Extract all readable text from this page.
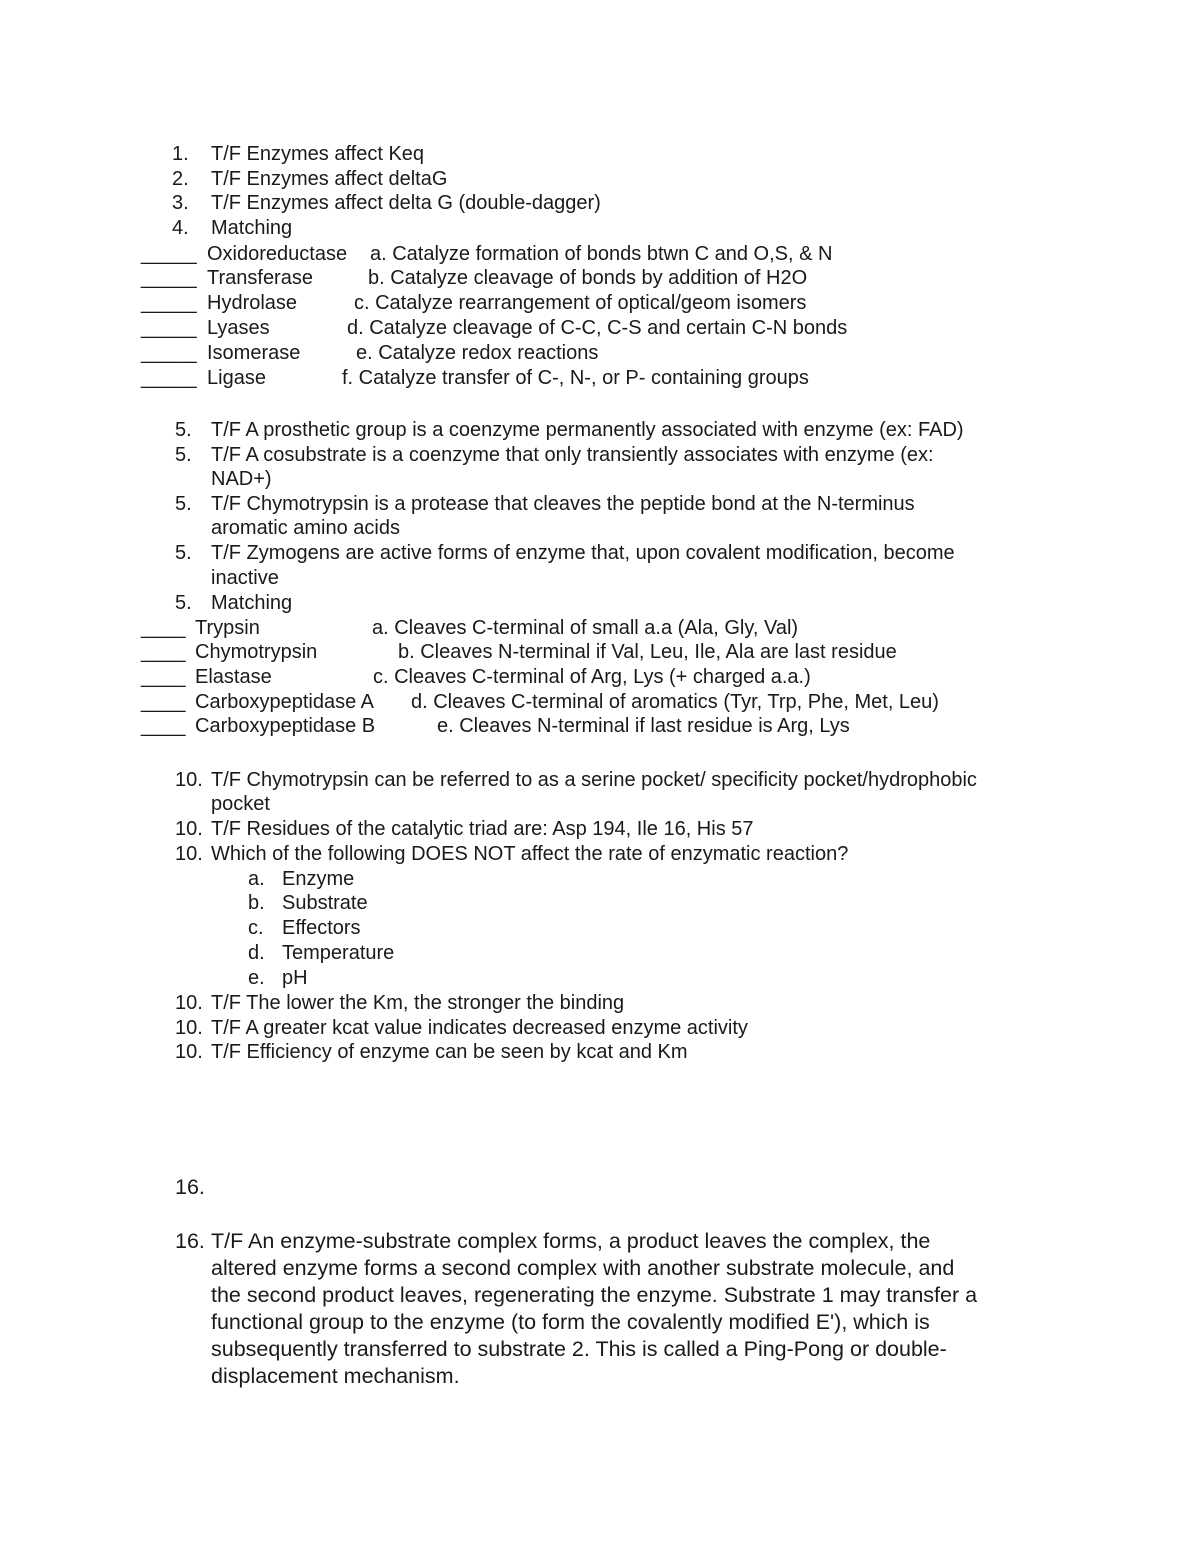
1. T/F Enzymes affect Keq
2. T/F Enzymes affect deltaG
3. T/F Enzymes affect delta G (double-dagger)
4. Matching
_____ Oxidoreductase a. Catalyze formation of bonds btwn C and O,S, & N
_____ Transferase	b. Catalyze cleavage of bonds by addition of H2O
_____ Hydrolase	c. Catalyze rearrangement of optical/geom isomers
_____ Lyases	d. Catalyze cleavage of C-C, C-S and certain C-N bonds
_____ Isomerase	e. Catalyze redox reactions
_____ Ligase	f. Catalyze transfer of C-, N-, or P- containing groups
5. T/F A prosthetic group is a coenzyme permanently associated with enzyme (ex: FAD)
5. T/F A cosubstrate is a coenzyme that only transiently associates with enzyme (ex:
NAD+)
5. T/F Chymotrypsin is a protease that cleaves the peptide bond at the N-terminus
aromatic amino acids
5. T/F Zymogens are active forms of enzyme that, upon covalent modification, become
inactive
5. Matching
____ Trypsin	a. Cleaves C-terminal of small a.a (Ala, Gly, Val)
____ Chymotrypsin	b. Cleaves N-terminal if Val, Leu, Ile, Ala are last residue
____ Elastase	c. Cleaves C-terminal of Arg, Lys (+ charged a.a.)
____ Carboxypeptidase A d. Cleaves C-terminal of aromatics (Tyr, Trp, Phe, Met, Leu)
____ Carboxypeptidase B	e. Cleaves N-terminal if last residue is Arg, Lys
10. T/F Chymotrypsin can be referred to as a serine pocket/ specificity pocket/hydrophobic
pocket
10. T/F Residues of the catalytic triad are: Asp 194, Ile 16, His 57
10. Which of the following DOES NOT affect the rate of enzymatic reaction?
a. Enzyme
b. Substrate
c. Effectors
d. Temperature
e. pH
10. T/F The lower the Km, the stronger the binding
10. T/F A greater kcat value indicates decreased enzyme activity
10. T/F Efficiency of enzyme can be seen by kcat and Km
16.
16. T/F An enzyme-substrate complex forms, a product leaves the complex, the
altered enzyme forms a second complex with another substrate molecule, and
the second product leaves, regenerating the enzyme. Substrate 1 may transfer a
functional group to the enzyme (to form the covalently modified E'), which is
subsequently transferred to substrate 2. This is called a Ping-Pong or double-
displacement mechanism.
